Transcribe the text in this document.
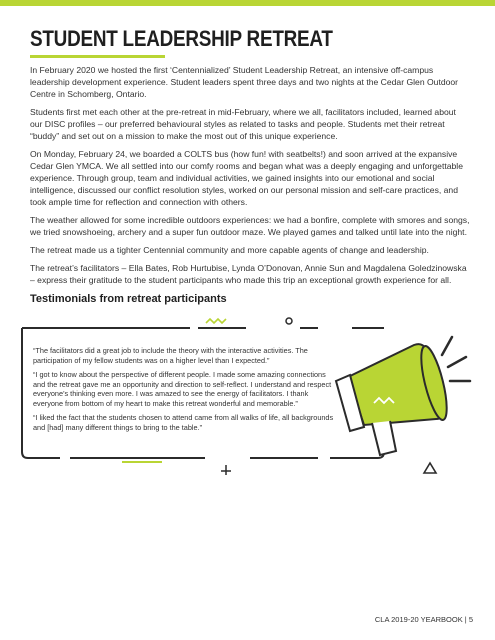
STUDENT LEADERSHIP RETREAT

In February 2020 we hosted the first ‘Centennialized’ Student Leadership Retreat, an intensive off-campus leadership development experience. Student leaders spent three days and two nights at the Cedar Glen Outdoor Centre in Schomberg, Ontario.

Students first met each other at the pre-retreat in mid-February, where we all, facilitators included, learned about our DISC profiles – our preferred behavioural styles as related to tasks and people. Students met their retreat “buddy” and set out on a mission to make the most out of this unique experience.

On Monday, February 24, we boarded a COLTS bus (how fun! with seatbelts!) and soon arrived at the expansive Cedar Glen YMCA. We all settled into our comfy rooms and began what was a deeply engaging and unforgettable experience. Through group, team and individual activities, we gained insights into our emotional and social intelligence, discussed our conflict resolution styles, worked on our personal mission and self-care practices, and took ample time for reflection and connection with others.

The weather allowed for some incredible outdoors experiences: we had a bonfire, complete with smores and songs, we tried snowshoeing, archery and a super fun outdoor maze. We played games and talked until late into the night.

The retreat made us a tighter Centennial community and more capable agents of change and leadership.

The retreat’s facilitators – Ella Bates, Rob Hurtubise, Lynda O’Donovan, Annie Sun and Magdalena Goledzinowska – express their gratitude to the student participants who made this trip an exceptional growth experience for all.

Testimonials from retreat participants

“The facilitators did a great job to include the theory with the interactive activities. The participation of my fellow students was on a higher level than I expected.”

“I got to know about the perspective of different people. I made some amazing connections and the retreat gave me an opportunity and direction to self-reflect. I understand and respect everyone’s thinking even more. I was amazed to see the energy of facilitators. I thank everyone from bottom of my heart to make this retreat wonderful and memorable.”

“I liked the fact that the students chosen to attend came from all walks of life, all backgrounds and [had] many different things to bring to the table.”

CLA 2019-20 YEARBOOK | 5
